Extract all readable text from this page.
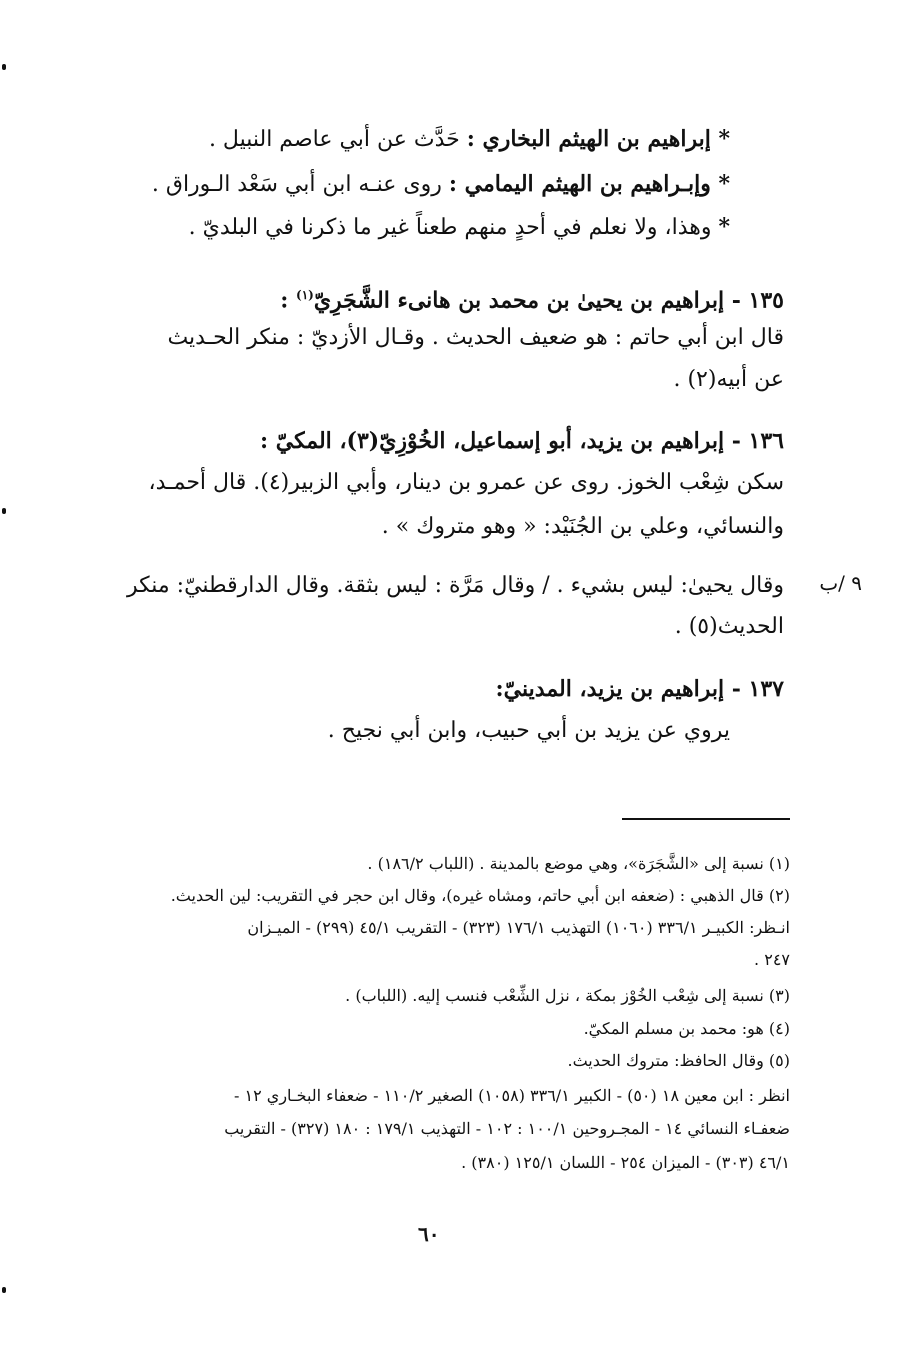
* إبراهيم بن الهيثم البخاري : حَدَّث عن أبي عاصم النبيل .
* وإبـراهيم بن الهيثم اليمامي : روى عنـه ابن أبي سَعْد الـوراق .
* وهذا، ولا نعلم في أحدٍ منهم طعناً غير ما ذكرنا في البلديّ .
١٣٥ - إبراهيم بن يحيىٰ بن محمد بن هانىء الشَّجَرِيّ$^{(١)}$ :
قال ابن أبي حاتم : هو ضعيف الحديث . وقـال الأزديّ : منكر الحـديث
عن أبيه(٢) .
١٣٦ - إبراهيم بن يزيد، أبو إسماعيل، الخُوْزِيّ(٣)، المكيّ :
سكن شِعْب الخوز. روى عن عمرو بن دينار، وأبي الزبير(٤). قال أحمـد،
والنسائي، وعلي بن الجُنَيْد: « وهو متروك » .
٩ /ب
وقال يحيىٰ: ليس بشيء . / وقال مَرَّة : ليس بثقة. وقال الدارقطنيّ: منكر
الحديث(٥) .
١٣٧ - إبراهيم بن يزيد، المدينيّ:
يروي عن يزيد بن أبي حبيب، وابن أبي نجيح .
(١) نسبة إلى «الشَّجَرَة»، وهي موضع بالمدينة . (اللباب ١٨٦/٢) .
(٢) قال الذهبي : (ضعفه ابن أبي حاتم، ومشاه غيره)، وقال ابن حجر في التقريب: لين الحديث.
انـظر: الكبيـر ٣٣٦/١ (١٠٦٠) التهذيب ١٧٦/١ (٣٢٣) - التقريب ٤٥/١ (٢٩٩) - الميـزان
٢٤٧ .
(٣) نسبة إلى شِعْب الخُوْز بمكة ، نزل الشِّعْب فنسب إليه. (اللباب) .
(٤) هو: محمد بن مسلم المكيّ.
(٥) وقال الحافظ: متروك الحديث.
انظر : ابن معين ١٨ (٥٠) - الكبير ٣٣٦/١ (١٠٥٨) الصغير ١١٠/٢ - ضعفاء البخـاري ١٢ -
ضعفـاء النسائي ١٤ - المجـروحين ١٠٠/١ : ١٠٢ - التهذيب ١٧٩/١ : ١٨٠ (٣٢٧) - التقريب
٤٦/١ (٣٠٣) - الميزان ٢٥٤ - اللسان ١٢٥/١ (٣٨٠) .
٦٠
